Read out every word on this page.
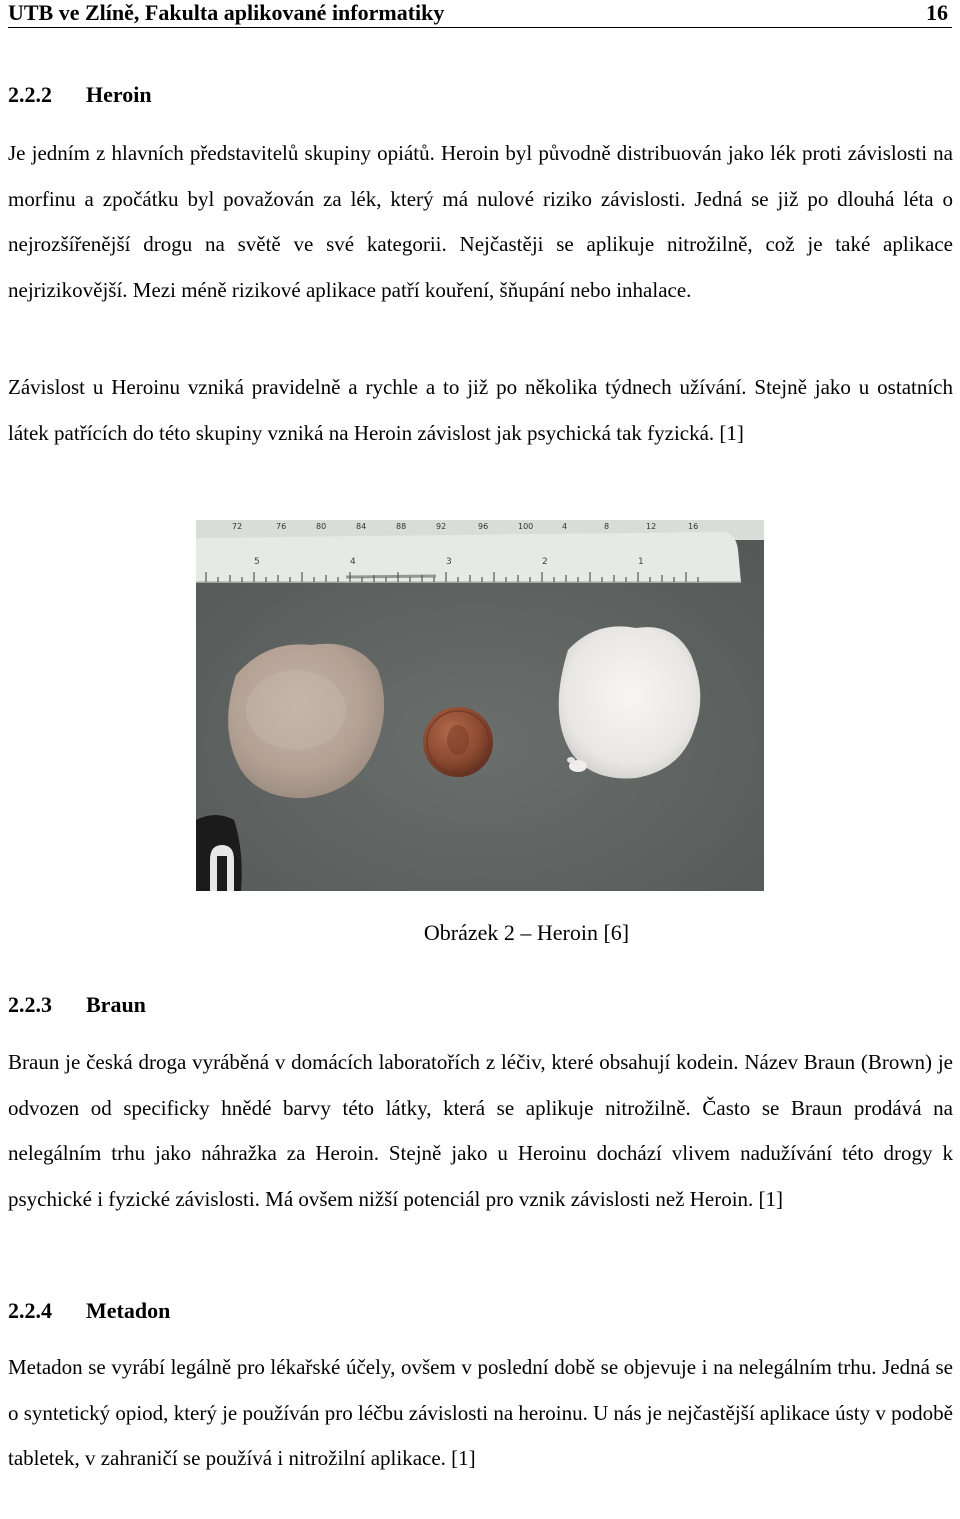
UTB ve Zlíně, Fakulta aplikované informatiky	16
2.2.2 Heroin

Je jedním z hlavních představitelů skupiny opiátů. Heroin byl původně distribuován jako lék proti závislosti na morfinu a zpočátku byl považován za lék, který má nulové riziko závislosti. Jedná se již po dlouhá léta o nejrozšířenější drogu na světě ve své kategorii. Nejčastěji se aplikuje nitrožilně, což je také aplikace nejrizikovější. Mezi méně rizikové aplikace patří kouření, šňupání nebo inhalace.

Závislost u Heroinu vzniká pravidelně a rychle a to již po několika týdnech užívání. Stejně jako u ostatních látek patřících do této skupiny vzniká na Heroin závislost jak psychická tak fyzická. [1]

72	76	80	84	88	92	96	100	4	8	12	16
5	4	3	2	1
Obrázek 2 – Heroin [6]
2.2.3 Braun

Braun je česká droga vyráběná v domácích laboratořích z léčiv, které obsahují kodein. Název Braun (Brown) je odvozen od specificky hnědé barvy této látky, která se aplikuje nitrožilně. Často se Braun prodává na nelegálním trhu jako náhražka za Heroin. Stejně jako u Heroinu dochází vlivem nadužívání této drogy k psychické i fyzické závislosti. Má ovšem nižší potenciál pro vznik závislosti než Heroin. [1]

2.2.4 Metadon

Metadon se vyrábí legálně pro lékařské účely, ovšem v poslední době se objevuje i na nelegálním trhu. Jedná se o syntetický opiod, který je používán pro léčbu závislosti na heroinu. U nás je nejčastější aplikace ústy v podobě tabletek, v zahraničí se používá i nitrožilní aplikace. [1]
